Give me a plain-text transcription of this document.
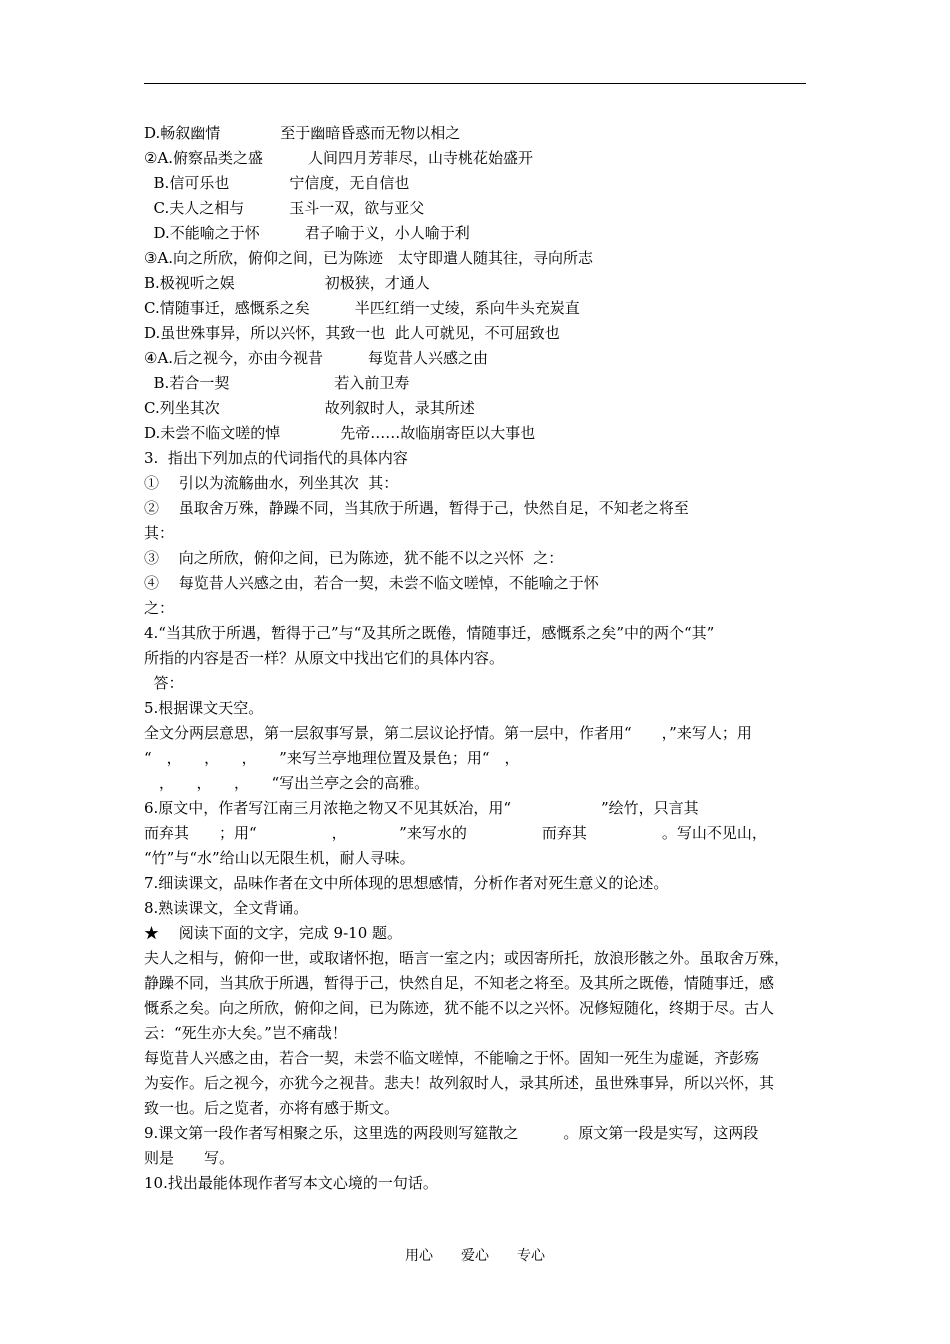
D.畅叙幽情　　　　至于幽暗昏惑而无物以相之
②A.俯察品类之盛　　　人间四月芳菲尽，山寺桃花始盛开
B.信可乐也　　　　宁信度，无自信也
C.夫人之相与　　　玉斗一双，欲与亚父
D.不能喻之于怀　　　君子喻于义，小人喻于利
③A.向之所欣，俯仰之间，已为陈迹　太守即遣人随其往，寻向所志
B.极视听之娱　　　　　　初极狭，才通人
C.情随事迁，感慨系之矣　　　半匹红绡一丈绫，系向牛头充炭直
D.虽世殊事异，所以兴怀，其致一也  此人可就见，不可屈致也
④A.后之视今，亦由今视昔　　　每览昔人兴感之由
B.若合一契　　　　　　　若入前卫寿
C.列坐其次　　　　　　　故列叙时人，录其所述
D.未尝不临文嗟的悼　　　　先帝……故临崩寄臣以大事也
3.  指出下列加点的代词指代的具体内容
①　 引以为流觞曲水，列坐其次  其：
②　 虽取舍万殊，静躁不同，当其欣于所遇，暂得于己，快然自足，不知老之将至
其：
③　 向之所欣，俯仰之间，已为陈迹，犹不能不以之兴怀  之：
④　 每览昔人兴感之由，若合一契，未尝不临文嗟悼，不能喻之于怀
之：
4.“当其欣于所遇，暂得于己”与“及其所之既倦，情随事迁，感慨系之矣”中的两个“其”
所指的内容是否一样？从原文中找出它们的具体内容。
答：
5.根据课文天空。
全文分两层意思，第一层叙事写景，第二层议论抒情。第一层中，作者用“　　，”来写人；用
“　，　　，　　，　　”来写兰亭地理位置及景色；用“　，
　，　　，　　，　　“写出兰亭之会的高雅。
6.原文中，作者写江南三月浓艳之物又不见其妖冶，用“　　　　　　”绘竹，只言其
而弃其　　；用“　　　　　，　　　　”来写水的　　　　　而弃其　　　　　。写山不见山，
“竹”与“水”给山以无限生机，耐人寻味。
7.细读课文，品味作者在文中所体现的思想感情，分析作者对死生意义的论述。
8.熟读课文，全文背诵。
★　 阅读下面的文字，完成 9-10 题。
夫人之相与，俯仰一世，或取诸怀抱，晤言一室之内；或因寄所托，放浪形骸之外。虽取舍万殊，
静躁不同，当其欣于所遇，暂得于己，快然自足，不知老之将至。及其所之既倦，情随事迁，感
慨系之矣。向之所欣，俯仰之间，已为陈迹，犹不能不以之兴怀。况修短随化，终期于尽。古人
云：“死生亦大矣。”岂不痛哉！
每览昔人兴感之由，若合一契，未尝不临文嗟悼，不能喻之于怀。固知一死生为虚诞，齐彭殇
为妄作。后之视今，亦犹今之视昔。悲夫！故列叙时人，录其所述，虽世殊事异，所以兴怀，其
致一也。后之览者，亦将有感于斯文。
9.课文第一段作者写相聚之乐，这里选的两段则写筵散之　　　。原文第一段是实写，这两段
则是　　写。
10.找出最能体现作者写本文心境的一句话。
用心　　爱心　　专心
